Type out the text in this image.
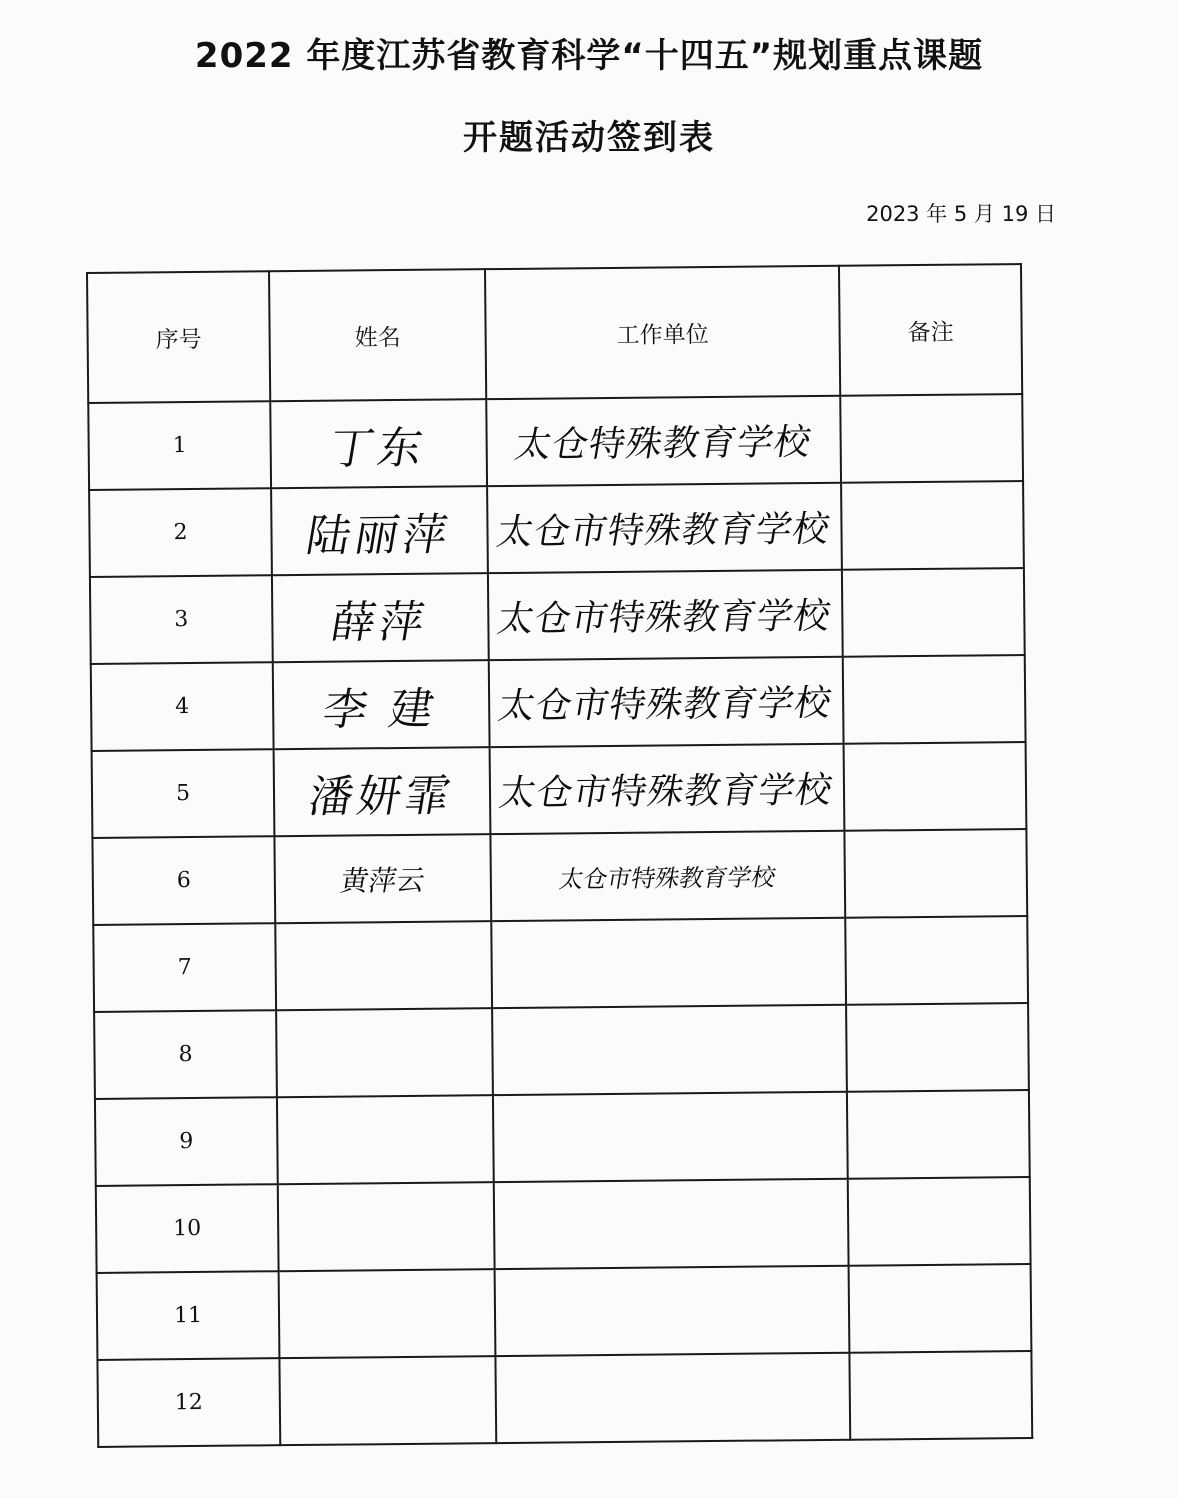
2022 年度江苏省教育科学“十四五”规划重点课题
开题活动签到表
2023 年 5 月 19 日
序号	姓名	工作单位	备注
1	丁东	太仓特殊教育学校	
2	陆丽萍	太仓市特殊教育学校	
3	薛萍	太仓市特殊教育学校	
4	李 建	太仓市特殊教育学校	
5	潘妍霏	太仓市特殊教育学校	
6	黄萍云	太仓市特殊教育学校	
7			
8			
9			
10			
11			
12			
